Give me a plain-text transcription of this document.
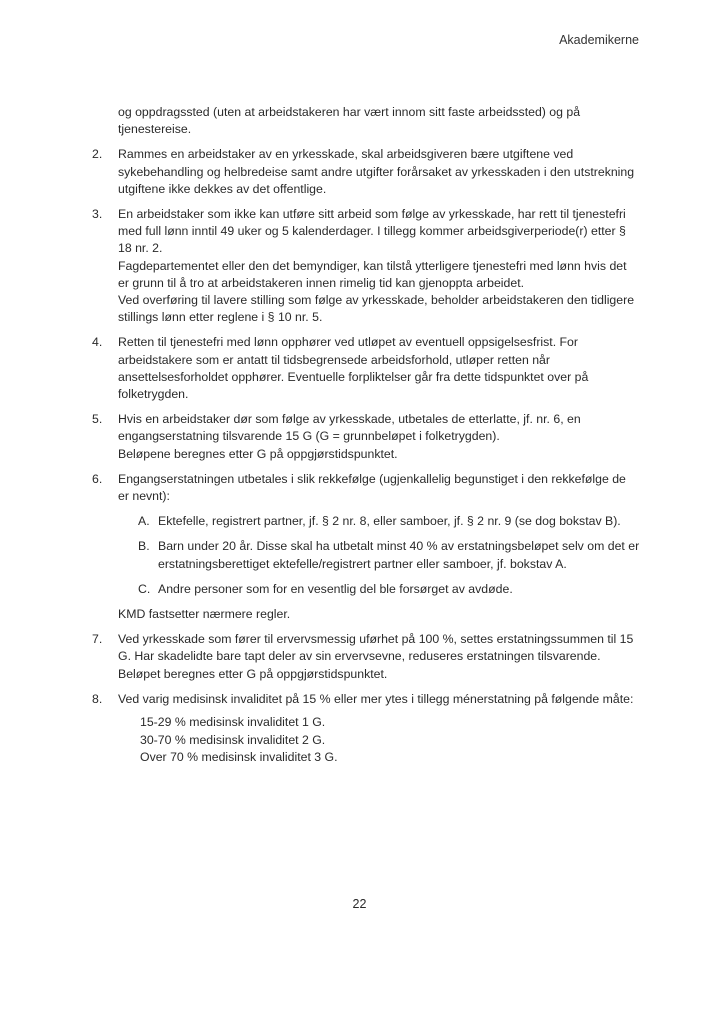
Akademikerne

og oppdragssted (uten at arbeidstakeren har vært innom sitt faste arbeidssted) og på tjenestereise.

2.	Rammes en arbeidstaker av en yrkesskade, skal arbeidsgiveren bære utgiftene ved sykebehandling og helbredeise samt andre utgifter forårsaket av yrkesskaden i den utstrekning utgiftene ikke dekkes av det offentlige.

3.	En arbeidstaker som ikke kan utføre sitt arbeid som følge av yrkesskade, har rett til tjenestefri med full lønn inntil 49 uker og 5 kalenderdager. I tillegg kommer arbeidsgiverperiode(r) etter § 18 nr. 2.

Fagdepartementet eller den det bemyndiger, kan tilstå ytterligere tjenestefri med lønn hvis det er grunn til å tro at arbeidstakeren innen rimelig tid kan gjenoppta arbeidet.

Ved overføring til lavere stilling som følge av yrkesskade, beholder arbeidstakeren den tidligere stillings lønn etter reglene i § 10 nr. 5.

4.	Retten til tjenestefri med lønn opphører ved utløpet av eventuell oppsigelsesfrist. For arbeidstakere som er antatt til tidsbegrensede arbeidsforhold, utløper retten når ansettelsesforholdet opphører. Eventuelle forpliktelser går fra dette tidspunktet over på folketrygden.

5.	Hvis en arbeidstaker dør som følge av yrkesskade, utbetales de etterlatte, jf. nr. 6, en engangserstatning tilsvarende 15 G (G = grunnbeløpet i folketrygden).

Beløpene beregnes etter G på oppgjørstidspunktet.

6.	Engangserstatningen utbetales i slik rekkefølge (ugjenkallelig begunstiget i den rekkefølge de er nevnt):

A. Ektefelle, registrert partner, jf. § 2 nr. 8, eller samboer, jf. § 2 nr. 9 (se dog bokstav B).
B. Barn under 20 år. Disse skal ha utbetalt minst 40 % av erstatningsbeløpet selv om det er erstatningsberettiget ektefelle/registrert partner eller samboer, jf. bokstav A.
C. Andre personer som for en vesentlig del ble forsørget av avdøde.

KMD fastsetter nærmere regler.

7.	Ved yrkesskade som fører til ervervsmessig uførhet på 100 %, settes erstatningssummen til 15 G. Har skadelidte bare tapt deler av sin ervervsevne, reduseres erstatningen tilsvarende.

Beløpet beregnes etter G på oppgjørstidspunktet.

8.	Ved varig medisinsk invaliditet på 15 % eller mer ytes i tillegg ménerstatning på følgende måte:

15-29 % medisinsk invaliditet 1 G.
30-70 % medisinsk invaliditet 2 G.
Over 70 % medisinsk invaliditet 3 G.
22
